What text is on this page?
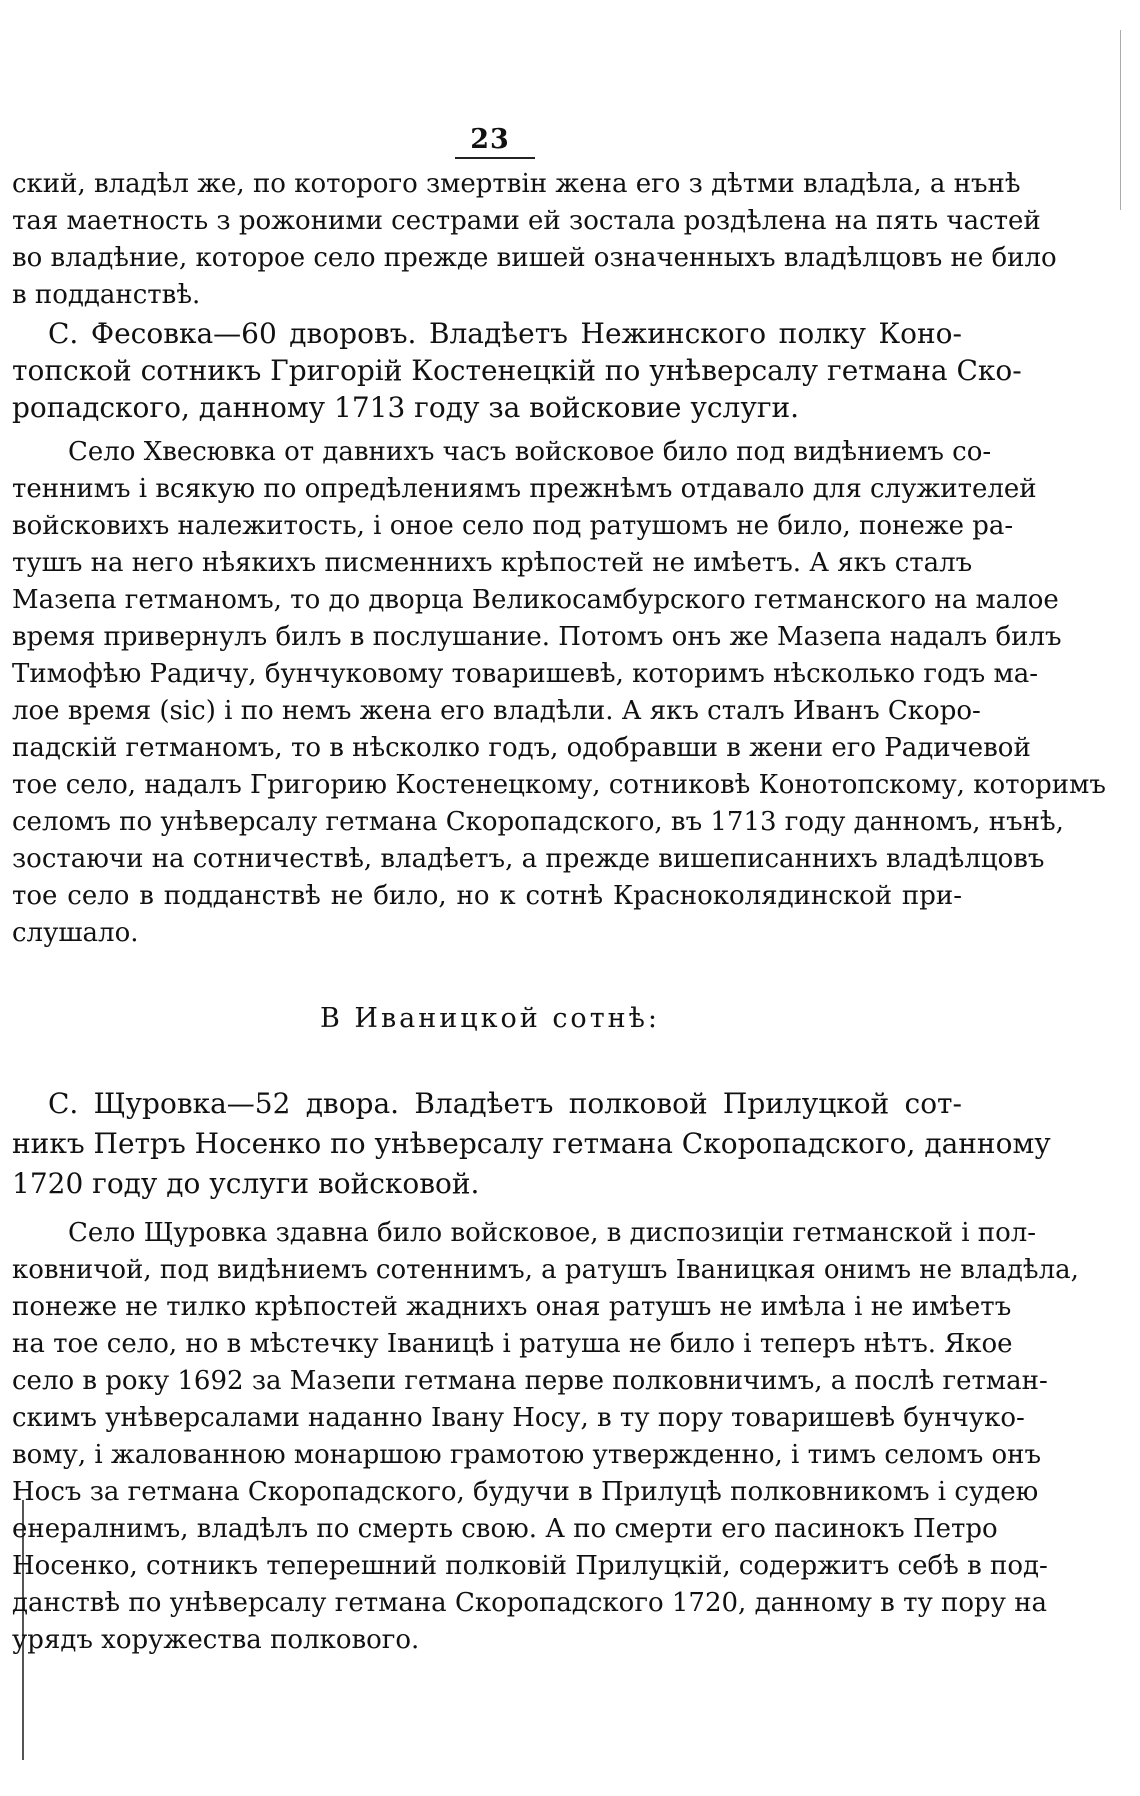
23
ский, владѣл же, по которого змертвін жена его з дѣтми владѣла, а нънѣ
тая маетность з рожоними сестрами ей зостала роздѣлена на пять частей
во владѣние, которое село прежде вишей означенныхъ владѣлцовъ не било
в подданствѣ.
С. Фесовка—60 дворовъ. Владѣетъ Нежинского полку Коно-
топской сотникъ Григорій Костенецкій по унѣверсалу гетмана Ско-
ропадского, данному 1713 году за войсковие услуги.
Село Хвесювка от давнихъ часъ войсковое било под видѣниемъ со-
теннимъ і всякую по опредѣлениямъ прежнѣмъ отдавало для служителей
войсковихъ належитость, і оное село под ратушомъ не било, понеже ра-
тушъ на него нѣякихъ писменнихъ крѣпостей не имѣетъ. А якъ сталъ
Мазепа гетманомъ, то до дворца Великосамбурского гетманского на малое
время привернулъ билъ в послушание. Потомъ онъ же Мазепа надалъ билъ
Тимофѣю Радичу, бунчуковому товаришевѣ, которимъ нѣсколько годъ ма-
лое время (sic) і по немъ жена его владѣли. А якъ сталъ Иванъ Скоро-
падскій гетманомъ, то в нѣсколко годъ, одобравши в жени его Радичевой
тое село, надалъ Григорию Костенецкому, сотниковѣ Конотопскому, которимъ
селомъ по унѣверсалу гетмана Скоропадского, въ 1713 году данномъ, нънѣ,
зостаючи на сотничествѣ, владѣетъ, а прежде вишеписаннихъ владѣлцовъ
тое село в подданствѣ не било, но к сотнѣ Красноколядинской при-
слушало.
В Иваницкой сотнѣ:
С. Щуровка—52 двора. Владѣетъ полковой Прилуцкой сот-
никъ Петръ Носенко по унѣверсалу гетмана Скоропадского, данному
1720 году до услуги войсковой.
Село Щуровка здавна било войсковое, в диспозиціи гетманской і пол-
ковничой, под видѣниемъ сотеннимъ, а ратушъ Іваницкая онимъ не владѣла,
понеже не тилко крѣпостей жаднихъ оная ратушъ не имѣла і не имѣетъ
на тое село, но в мѣстечку Іваницѣ і ратуша не било і теперъ нѣтъ. Якое
село в року 1692 за Мазепи гетмана перве полковничимъ, а послѣ гетман-
скимъ унѣверсалами наданно Івану Носу, в ту пору товаришевѣ бунчуко-
вому, і жалованною монаршою грамотою утвержденно, і тимъ селомъ онъ
Носъ за гетмана Скоропадского, будучи в Прилуцѣ полковникомъ і судею
енералнимъ, владѣлъ по смерть свою. А по смерти его пасинокъ Петро
Носенко, сотникъ теперешний полковій Прилуцкій, содержитъ себѣ в под-
данствѣ по унѣверсалу гетмана Скоропадского 1720, данному в ту пору на
урядъ хоружества полкового.
